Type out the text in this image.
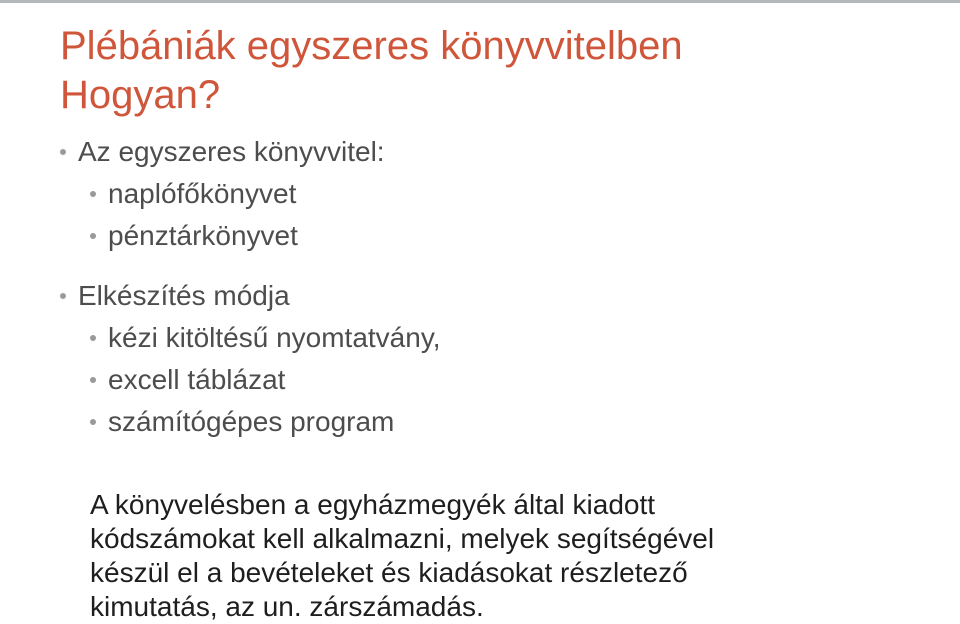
Plébániák egyszeres könyvvitelben
Hogyan?
Az egyszeres könyvvitel:
naplófőkönyvet
pénztárkönyvet
Elkészítés módja
kézi kitöltésű nyomtatvány,
excell táblázat
számítógépes program

A könyvelésben a egyházmegyék által kiadott
kódszámokat kell alkalmazni, melyek segítségével
készül el a bevételeket és kiadásokat részletező
kimutatás, az un. zárszámadás.
